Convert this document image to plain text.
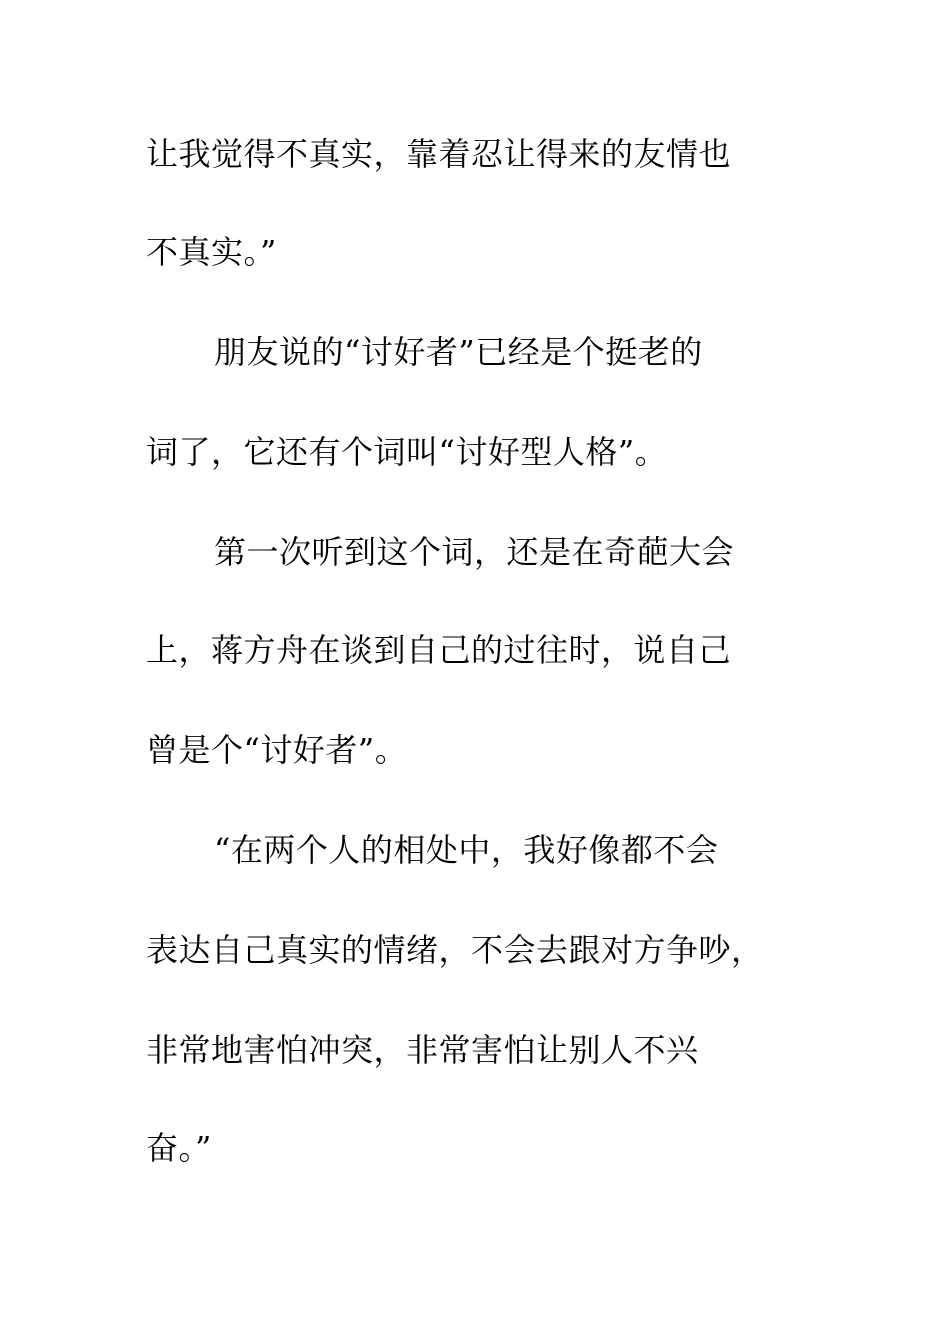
让我觉得不真实，靠着忍让得来的友情也
不真实。”
朋友说的“讨好者”已经是个挺老的
词了，它还有个词叫“讨好型人格”。
第一次听到这个词，还是在奇葩大会
上，蒋方舟在谈到自己的过往时，说自己
曾是个“讨好者”。
“在两个人的相处中，我好像都不会
表达自己真实的情绪，不会去跟对方争吵，
非常地害怕冲突，非常害怕让别人不兴
奋。”
